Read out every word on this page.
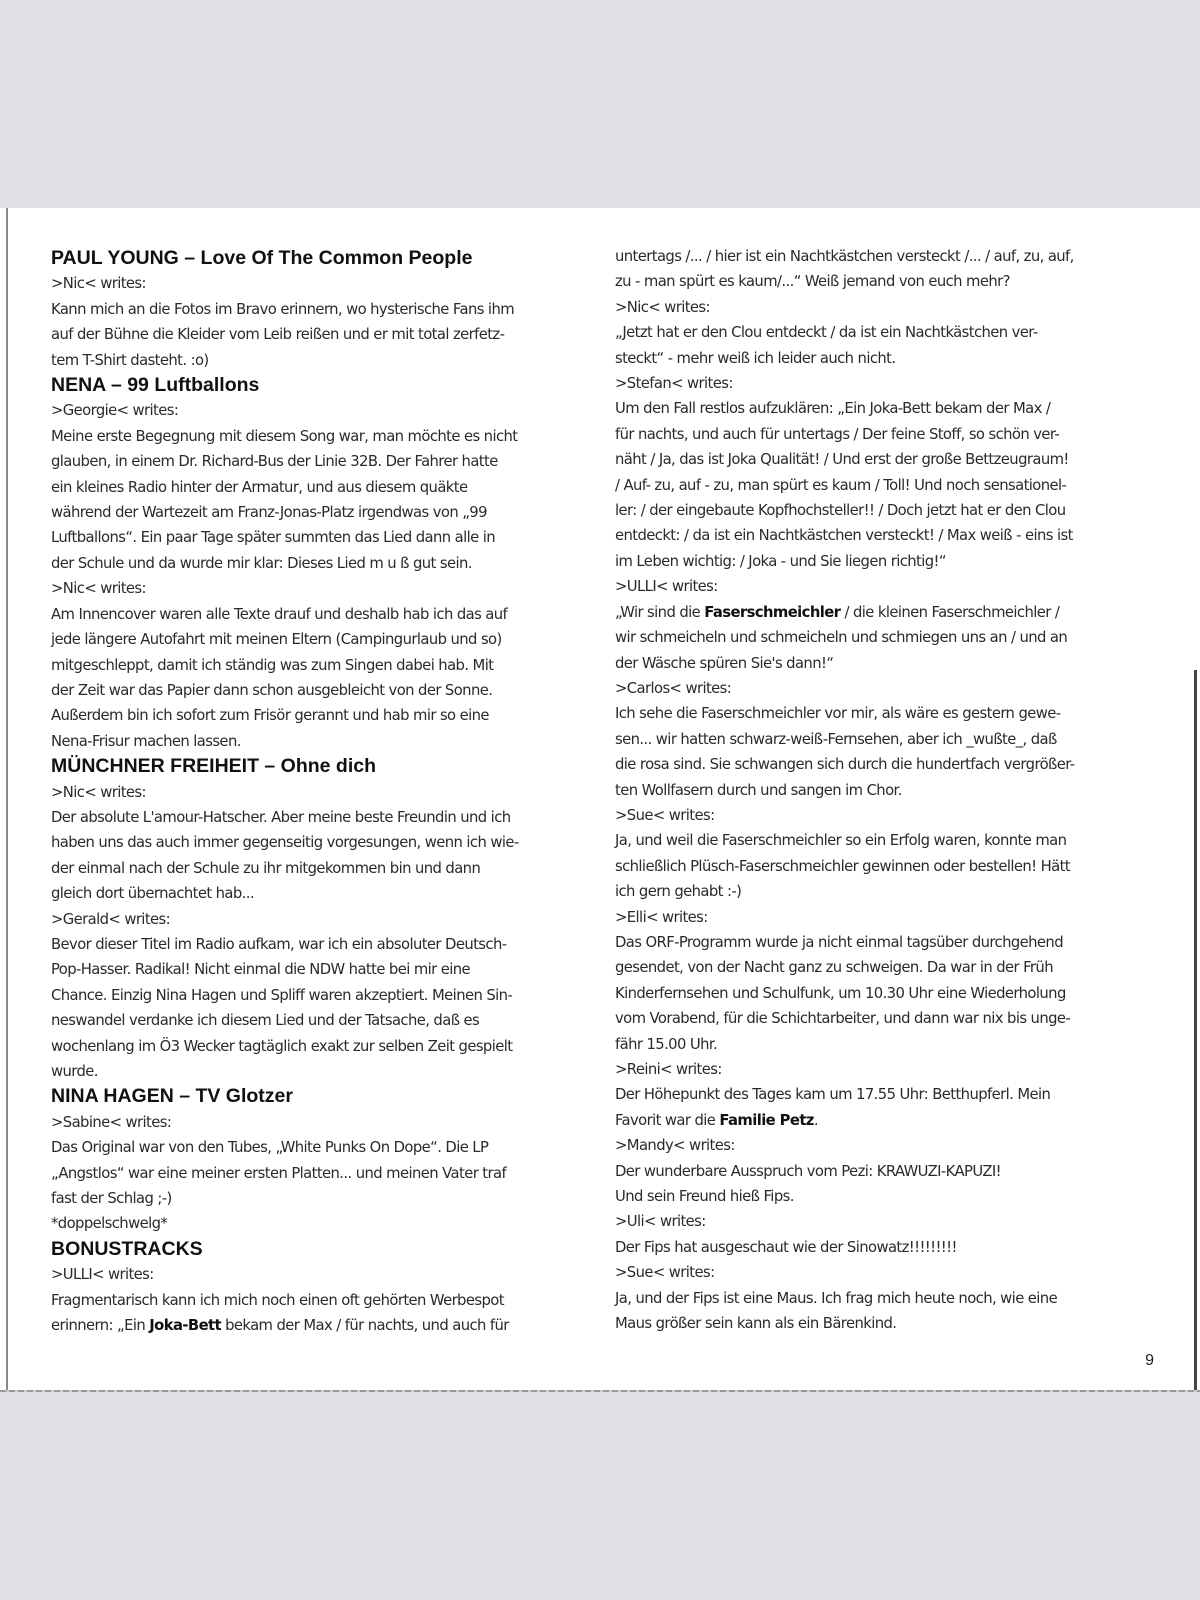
PAUL YOUNG – Love Of The Common People
>Nic< writes:
Kann mich an die Fotos im Bravo erinnern, wo hysterische Fans ihm
auf der Bühne die Kleider vom Leib reißen und er mit total zerfetz-
tem T-Shirt dasteht. :o)
NENA – 99 Luftballons
>Georgie< writes:
Meine erste Begegnung mit diesem Song war, man möchte es nicht
glauben, in einem Dr. Richard-Bus der Linie 32B. Der Fahrer hatte
ein kleines Radio hinter der Armatur, und aus diesem quäkte
während der Wartezeit am Franz-Jonas-Platz irgendwas von „99
Luftballons“. Ein paar Tage später summten das Lied dann alle in
der Schule und da wurde mir klar: Dieses Lied m u ß gut sein.
>Nic< writes:
Am Innencover waren alle Texte drauf und deshalb hab ich das auf
jede längere Autofahrt mit meinen Eltern (Campingurlaub und so)
mitgeschleppt, damit ich ständig was zum Singen dabei hab. Mit
der Zeit war das Papier dann schon ausgebleicht von der Sonne.
Außerdem bin ich sofort zum Frisör gerannt und hab mir so eine
Nena-Frisur machen lassen.
MÜNCHNER FREIHEIT – Ohne dich
>Nic< writes:
Der absolute L'amour-Hatscher. Aber meine beste Freundin und ich
haben uns das auch immer gegenseitig vorgesungen, wenn ich wie-
der einmal nach der Schule zu ihr mitgekommen bin und dann
gleich dort übernachtet hab...
>Gerald< writes:
Bevor dieser Titel im Radio aufkam, war ich ein absoluter Deutsch-
Pop-Hasser. Radikal! Nicht einmal die NDW hatte bei mir eine
Chance. Einzig Nina Hagen und Spliff waren akzeptiert. Meinen Sin-
neswandel verdanke ich diesem Lied und der Tatsache, daß es
wochenlang im Ö3 Wecker tagtäglich exakt zur selben Zeit gespielt
wurde.
NINA HAGEN – TV Glotzer
>Sabine< writes:
Das Original war von den Tubes, „White Punks On Dope“. Die LP
„Angstlos“ war eine meiner ersten Platten... und meinen Vater traf
fast der Schlag ;-)
*doppelschwelg*
BONUSTRACKS
>ULLI< writes:
Fragmentarisch kann ich mich noch einen oft gehörten Werbespot
erinnern: „Ein Joka-Bett bekam der Max / für nachts, und auch für
untertags /... / hier ist ein Nachtkästchen versteckt /... / auf, zu, auf,
zu - man spürt es kaum/...“ Weiß jemand von euch mehr?
>Nic< writes:
„Jetzt hat er den Clou entdeckt / da ist ein Nachtkästchen ver-
steckt“ - mehr weiß ich leider auch nicht.
>Stefan< writes:
Um den Fall restlos aufzuklären: „Ein Joka-Bett bekam der Max /
für nachts, und auch für untertags / Der feine Stoff, so schön ver-
näht / Ja, das ist Joka Qualität! / Und erst der große Bettzeugraum!
/ Auf- zu, auf - zu, man spürt es kaum / Toll! Und noch sensationel-
ler: / der eingebaute Kopfhochsteller!! / Doch jetzt hat er den Clou
entdeckt: / da ist ein Nachtkästchen versteckt! / Max weiß - eins ist
im Leben wichtig: / Joka - und Sie liegen richtig!“
>ULLI< writes:
„Wir sind die Faserschmeichler / die kleinen Faserschmeichler /
wir schmeicheln und schmeicheln und schmiegen uns an / und an
der Wäsche spüren Sie's dann!“
>Carlos< writes:
Ich sehe die Faserschmeichler vor mir, als wäre es gestern gewe-
sen... wir hatten schwarz-weiß-Fernsehen, aber ich _wußte_, daß
die rosa sind. Sie schwangen sich durch die hundertfach vergrößer-
ten Wollfasern durch und sangen im Chor.
>Sue< writes:
Ja, und weil die Faserschmeichler so ein Erfolg waren, konnte man
schließlich Plüsch-Faserschmeichler gewinnen oder bestellen! Hätt
ich gern gehabt :-)
>Elli< writes:
Das ORF-Programm wurde ja nicht einmal tagsüber durchgehend
gesendet, von der Nacht ganz zu schweigen. Da war in der Früh
Kinderfernsehen und Schulfunk, um 10.30 Uhr eine Wiederholung
vom Vorabend, für die Schichtarbeiter, und dann war nix bis unge-
fähr 15.00 Uhr.
>Reini< writes:
Der Höhepunkt des Tages kam um 17.55 Uhr: Betthupferl. Mein
Favorit war die Familie Petz.
>Mandy< writes:
Der wunderbare Ausspruch vom Pezi: KRAWUZI-KAPUZI!
Und sein Freund hieß Fips.
>Uli< writes:
Der Fips hat ausgeschaut wie der Sinowatz!!!!!!!!!
>Sue< writes:
Ja, und der Fips ist eine Maus. Ich frag mich heute noch, wie eine
Maus größer sein kann als ein Bärenkind.
9
